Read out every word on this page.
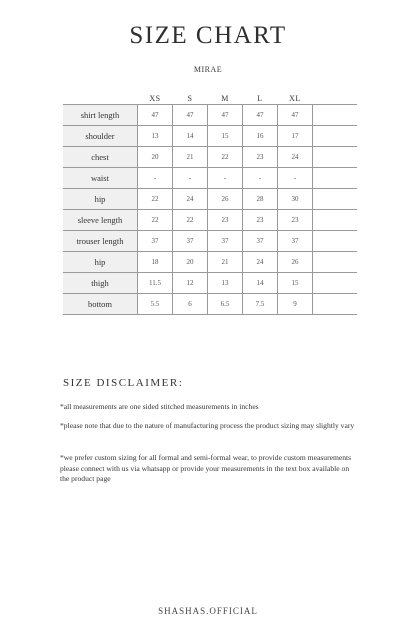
SIZE CHART
MIRAE
	XS	S	M	L	XL	
shirt length	47	47	47	47	47	
shoulder	13	14	15	16	17	
chest	20	21	22	23	24	
waist	-	-	-	-	-	
hip	22	24	26	28	30	
sleeve length	22	22	23	23	23	
trouser length	37	37	37	37	37	
hip	18	20	21	24	26	
thigh	11.5	12	13	14	15	
bottom	5.5	6	6.5	7.5	9	
SIZE DISCLAIMER:

*all measurements are one sided stitched measurements in inches

*please note that due to the nature of manufacturing process the product sizing may slightly vary

*we prefer custom sizing for all formal and semi-formal wear, to provide custom measurements please connect with us via whatsapp or provide your measurements in the text box available on the product page

SHASHAS.OFFICIAL
